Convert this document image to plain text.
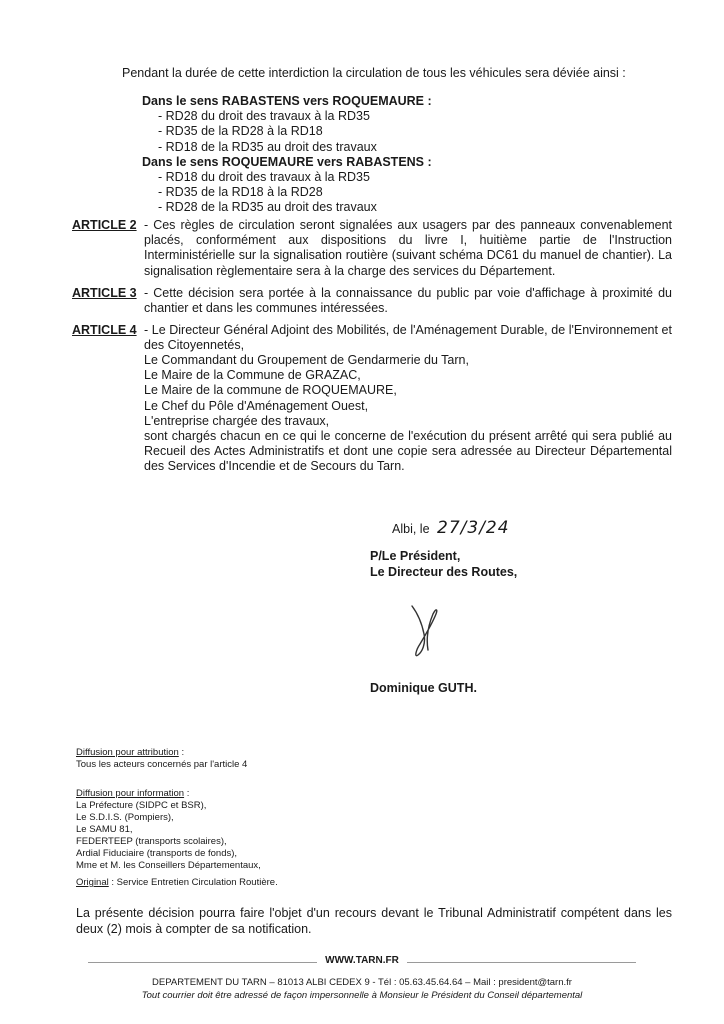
Pendant la durée de cette interdiction la circulation de tous les véhicules sera déviée ainsi :
Dans le sens RABASTENS vers ROQUEMAURE :
- RD28 du droit des travaux à la RD35
- RD35 de la RD28 à la RD18
- RD18 de la RD35 au droit des travaux
Dans le sens ROQUEMAURE vers RABASTENS :
- RD18 du droit des travaux à la RD35
- RD35 de la RD18 à la RD28
- RD28 de la RD35 au droit des travaux
ARTICLE 2 - Ces règles de circulation seront signalées aux usagers par des panneaux convenablement placés, conformément aux dispositions du livre I, huitième partie de l'Instruction Interministérielle sur la signalisation routière (suivant schéma DC61 du manuel de chantier). La signalisation règlementaire sera à la charge des services du Département.
ARTICLE 3 - Cette décision sera portée à la connaissance du public par voie d'affichage à proximité du chantier et dans les communes intéressées.
ARTICLE 4 - Le Directeur Général Adjoint des Mobilités, de l'Aménagement Durable, de l'Environnement et des Citoyennetés,
Le Commandant du Groupement de Gendarmerie du Tarn,
Le Maire de la Commune de GRAZAC,
Le Maire de la commune de ROQUEMAURE,
Le Chef du Pôle d'Aménagement Ouest,
L'entreprise chargée des travaux,
sont chargés chacun en ce qui le concerne de l'exécution du présent arrêté qui sera publié au Recueil des Actes Administratifs et dont une copie sera adressée au Directeur Départemental des Services d'Incendie et de Secours du Tarn.
Albi, le 27/3/24
P/Le Président,
Le Directeur des Routes,
Dominique GUTH.
Diffusion pour attribution :
Tous les acteurs concernés par l'article 4
Diffusion pour information :
La Préfecture (SIDPC et BSR),
Le S.D.I.S. (Pompiers),
Le SAMU 81,
FEDERTEEP (transports scolaires),
Ardial Fiduciaire (transports de fonds),
Mme et M. les Conseillers Départementaux,
Original : Service Entretien Circulation Routière.
La présente décision pourra faire l'objet d'un recours devant le Tribunal Administratif compétent dans les deux (2) mois à compter de sa notification.
WWW.TARN.FR
DEPARTEMENT DU TARN – 81013 ALBI CEDEX 9 - Tél : 05.63.45.64.64 – Mail : president@tarn.fr
Tout courrier doit être adressé de façon impersonnelle à Monsieur le Président du Conseil départemental
